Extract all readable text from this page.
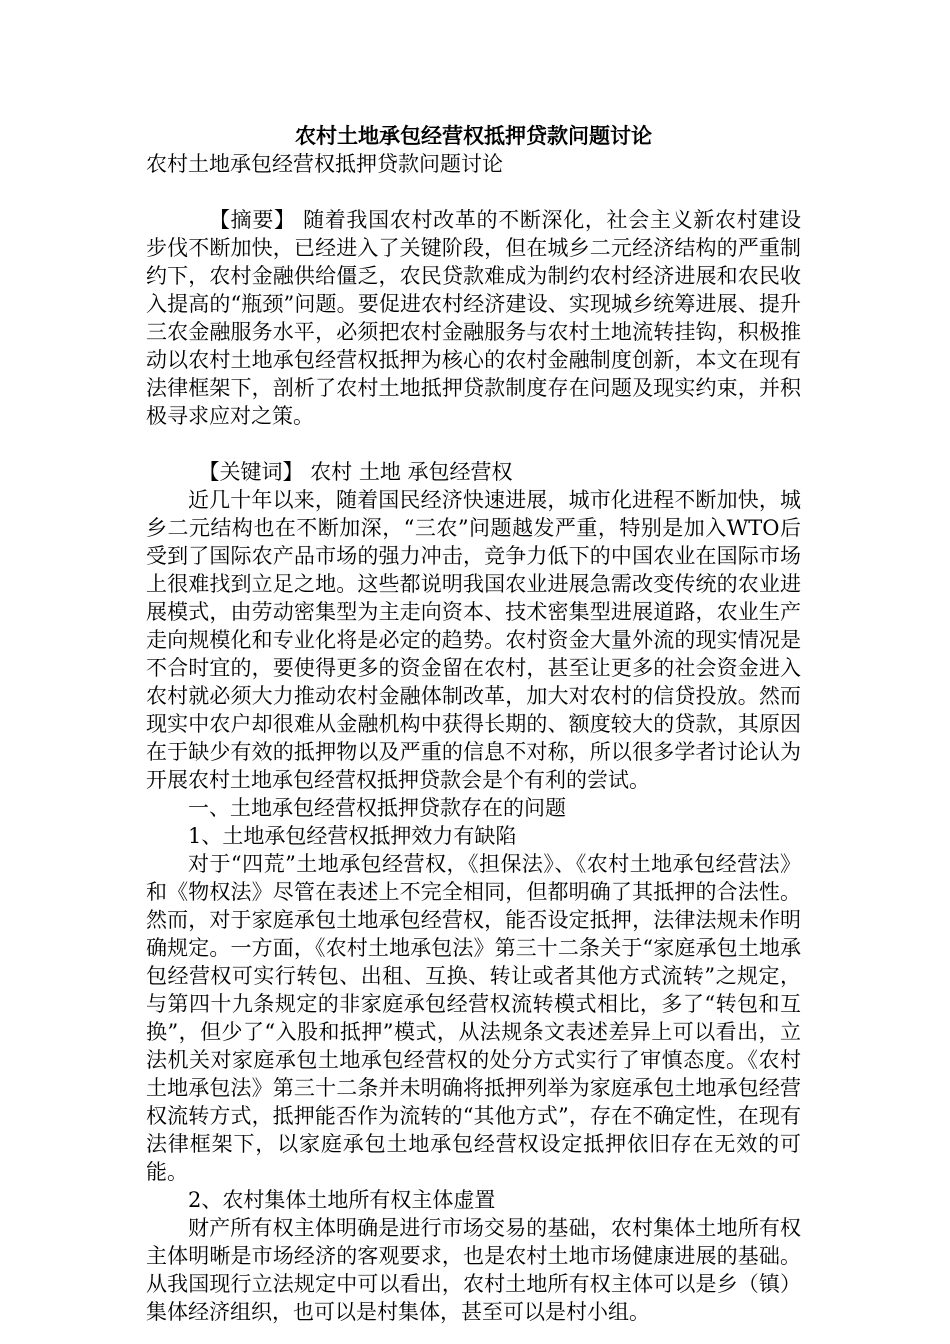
农村土地承包经营权抵押贷款问题讨论

农村土地承包经营权抵押贷款问题讨论

【摘要】 随着我国农村改革的不断深化，社会主义新农村建设步伐不断加快，已经进入了关键阶段，但在城乡二元经济结构的严重制约下，农村金融供给僵乏，农民贷款难成为制约农村经济进展和农民收入提高的“瓶颈”问题。要促进农村经济建设、实现城乡统筹进展、提升三农金融服务水平，必须把农村金融服务与农村土地流转挂钩，积极推动以农村土地承包经营权抵押为核心的农村金融制度创新，本文在现有法律框架下，剖析了农村土地抵押贷款制度存在问题及现实约束，并积极寻求应对之策。

【关键词】 农村 土地 承包经营权

近几十年以来，随着国民经济快速进展，城市化进程不断加快，城乡二元结构也在不断加深，“三农”问题越发严重，特别是加入WTO后受到了国际农产品市场的强力冲击，竞争力低下的中国农业在国际市场上很难找到立足之地。这些都说明我国农业进展急需改变传统的农业进展模式，由劳动密集型为主走向资本、技术密集型进展道路，农业生产走向规模化和专业化将是必定的趋势。农村资金大量外流的现实情况是不合时宜的，要使得更多的资金留在农村，甚至让更多的社会资金进入农村就必须大力推动农村金融体制改革，加大对农村的信贷投放。然而现实中农户却很难从金融机构中获得长期的、额度较大的贷款，其原因在于缺少有效的抵押物以及严重的信息不对称，所以很多学者讨论认为开展农村土地承包经营权抵押贷款会是个有利的尝试。

一、土地承包经营权抵押贷款存在的问题

1、土地承包经营权抵押效力有缺陷

对于“四荒”土地承包经营权，《担保法》、《农村土地承包经营法》和《物权法》尽管在表述上不完全相同，但都明确了其抵押的合法性。然而，对于家庭承包土地承包经营权，能否设定抵押，法律法规未作明确规定。一方面，《农村土地承包法》第三十二条关于“家庭承包土地承包经营权可实行转包、出租、互换、转让或者其他方式流转”之规定，与第四十九条规定的非家庭承包经营权流转模式相比，多了“转包和互换”，但少了“入股和抵押”模式，从法规条文表述差异上可以看出，立法机关对家庭承包土地承包经营权的处分方式实行了审慎态度。《农村土地承包法》第三十二条并未明确将抵押列举为家庭承包土地承包经营权流转方式，抵押能否作为流转的“其他方式”，存在不确定性，在现有法律框架下，以家庭承包土地承包经营权设定抵押依旧存在无效的可能。

2、农村集体土地所有权主体虚置

财产所有权主体明确是进行市场交易的基础，农村集体土地所有权主体明晰是市场经济的客观要求，也是农村土地市场健康进展的基础。从我国现行立法规定中可以看出，农村土地所有权主体可以是乡（镇）集体经济组织，也可以是村集体，甚至可以是村小组。
